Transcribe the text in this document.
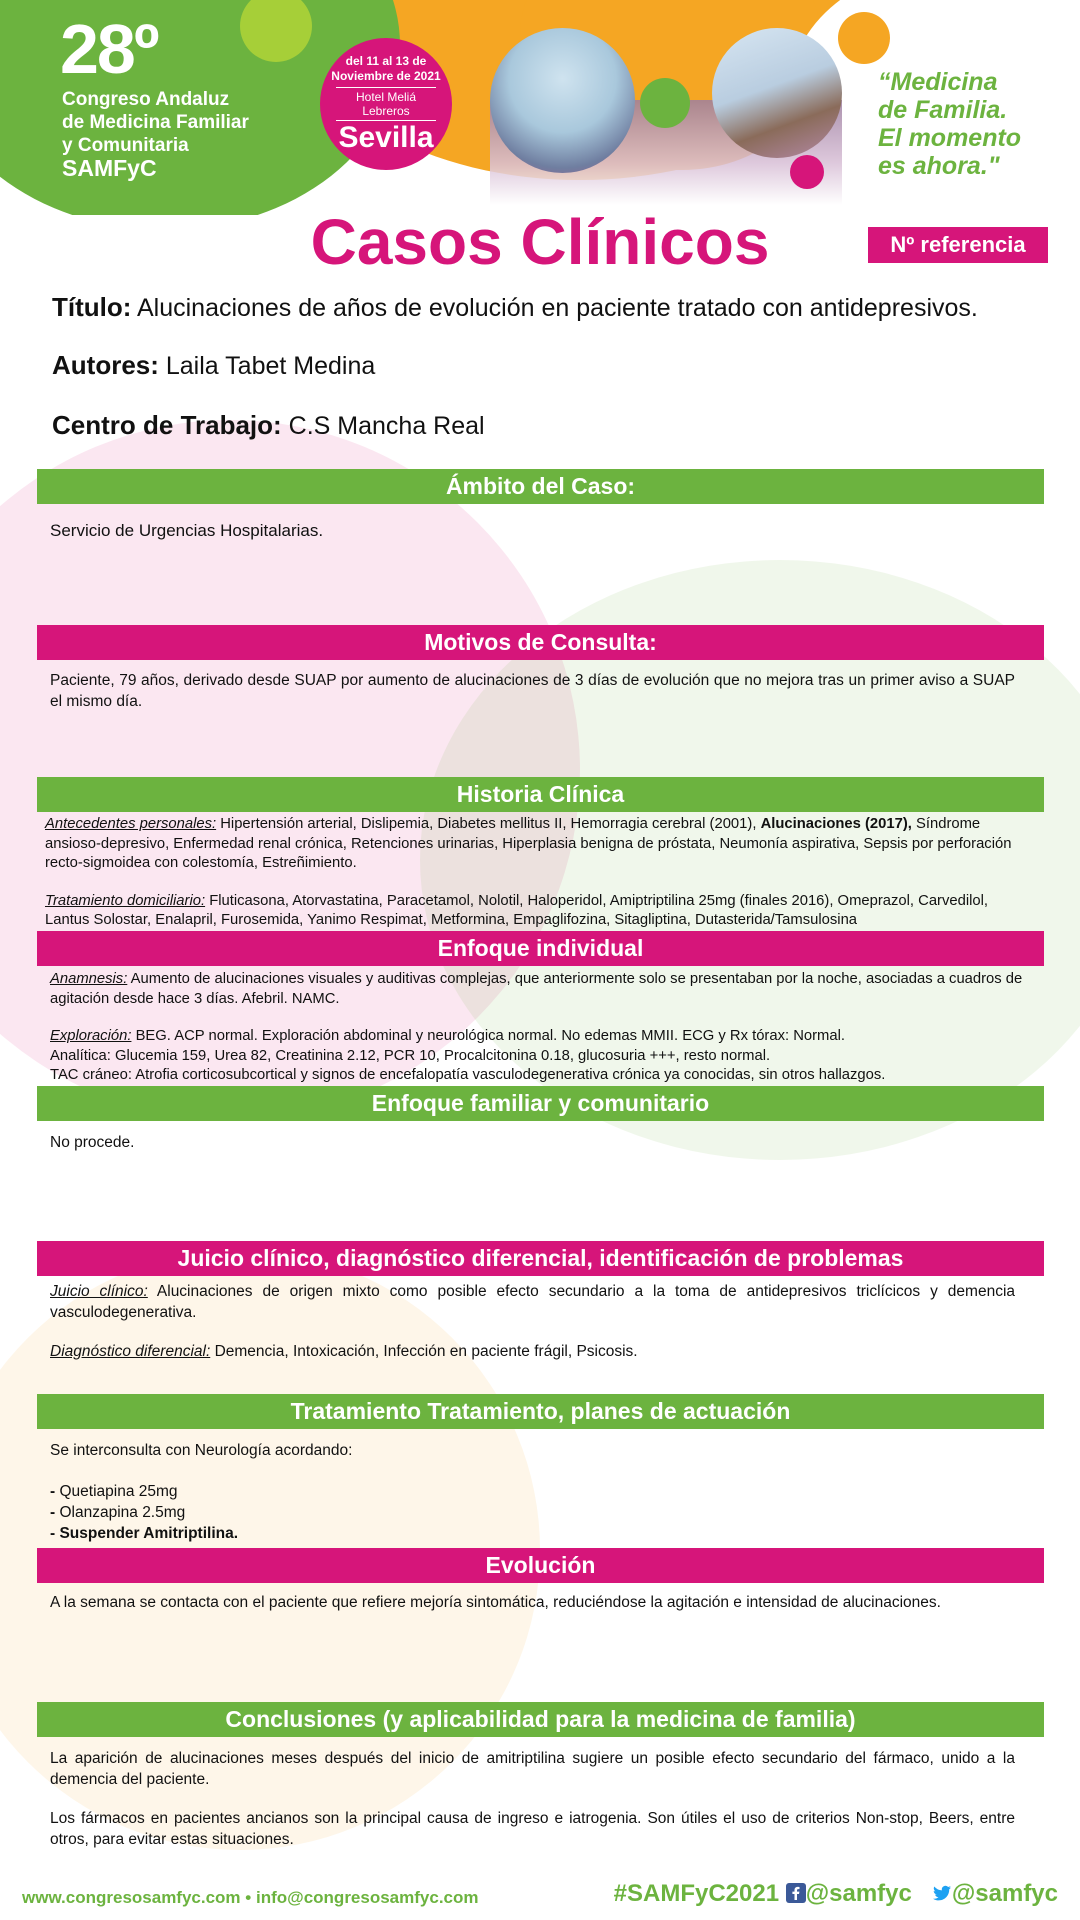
28º
Congreso Andaluz
de Medicina Familiar
y Comunitaria
SAMFyC
del 11 al 13 de
Noviembre de 2021
Hotel Meliá Lebreros
Sevilla
“Medicina
de Familia.
El momento
es ahora."
Casos Clínicos	Nº referencia
Título: Alucinaciones de años de evolución en paciente tratado con antidepresivos.
Autores: Laila Tabet Medina
Centro de Trabajo: C.S Mancha Real
Ámbito del Caso:
Servicio de Urgencias Hospitalarias.
Motivos de Consulta:
Paciente, 79 años, derivado desde SUAP por aumento de alucinaciones de 3 días de evolución que no mejora tras un primer aviso a SUAP el mismo día.
Historia Clínica

Antecedentes personales: Hipertensión arterial, Dislipemia, Diabetes mellitus II, Hemorragia cerebral (2001), Alucinaciones (2017), Síndrome ansioso-depresivo, Enfermedad renal crónica, Retenciones urinarias, Hiperplasia benigna de próstata, Neumonía aspirativa, Sepsis por perforación recto-sigmoidea con colestomía, Estreñimiento.

Tratamiento domiciliario: Fluticasona, Atorvastatina, Paracetamol, Nolotil, Haloperidol, Amiptriptilina 25mg (finales 2016), Omeprazol, Carvedilol, Lantus Solostar, Enalapril, Furosemida, Yanimo Respimat, Metformina, Empaglifozina, Sitagliptina, Dutasterida/Tamsulosina

Enfoque individual

Anamnesis: Aumento de alucinaciones visuales y auditivas complejas, que anteriormente solo se presentaban por la noche, asociadas a cuadros de agitación desde hace 3 días. Afebril. NAMC.

Exploración: BEG. ACP normal. Exploración abdominal y neurológica normal. No edemas MMII. ECG y Rx tórax: Normal.

Analítica: Glucemia 159, Urea 82, Creatinina 2.12, PCR 10, Procalcitonina 0.18, glucosuria +++, resto normal.

TAC cráneo: Atrofia corticosubcortical y signos de encefalopatía vasculodegenerativa crónica ya conocidas, sin otros hallazgos.

Enfoque familiar y comunitario
No procede.
Juicio clínico, diagnóstico diferencial, identificación de problemas

Juicio clínico: Alucinaciones de origen mixto como posible efecto secundario a la toma de antidepresivos triclícicos y demencia vasculodegenerativa.

Diagnóstico diferencial: Demencia, Intoxicación, Infección en paciente frágil, Psicosis.

Tratamiento Tratamiento, planes de actuación

Se interconsulta con Neurología acordando:

- Quetiapina 25mg
- Olanzapina 2.5mg
- Suspender Amitriptilina.
Evolución
A la semana se contacta con el paciente que refiere mejoría sintomática, reduciéndose la agitación e intensidad de alucinaciones.
Conclusiones (y aplicabilidad para la medicina de familia)

La aparición de alucinaciones meses después del inicio de amitriptilina sugiere un posible efecto secundario del fármaco, unido a la demencia del paciente.

Los fármacos en pacientes ancianos son la principal causa de ingreso e iatrogenia. Son útiles el uso de criterios Non-stop, Beers, entre otros, para evitar estas situaciones.

www.congresosamfyc.com • info@congresosamfyc.com	#SAMFyC2021 @samfyc @samfyc
